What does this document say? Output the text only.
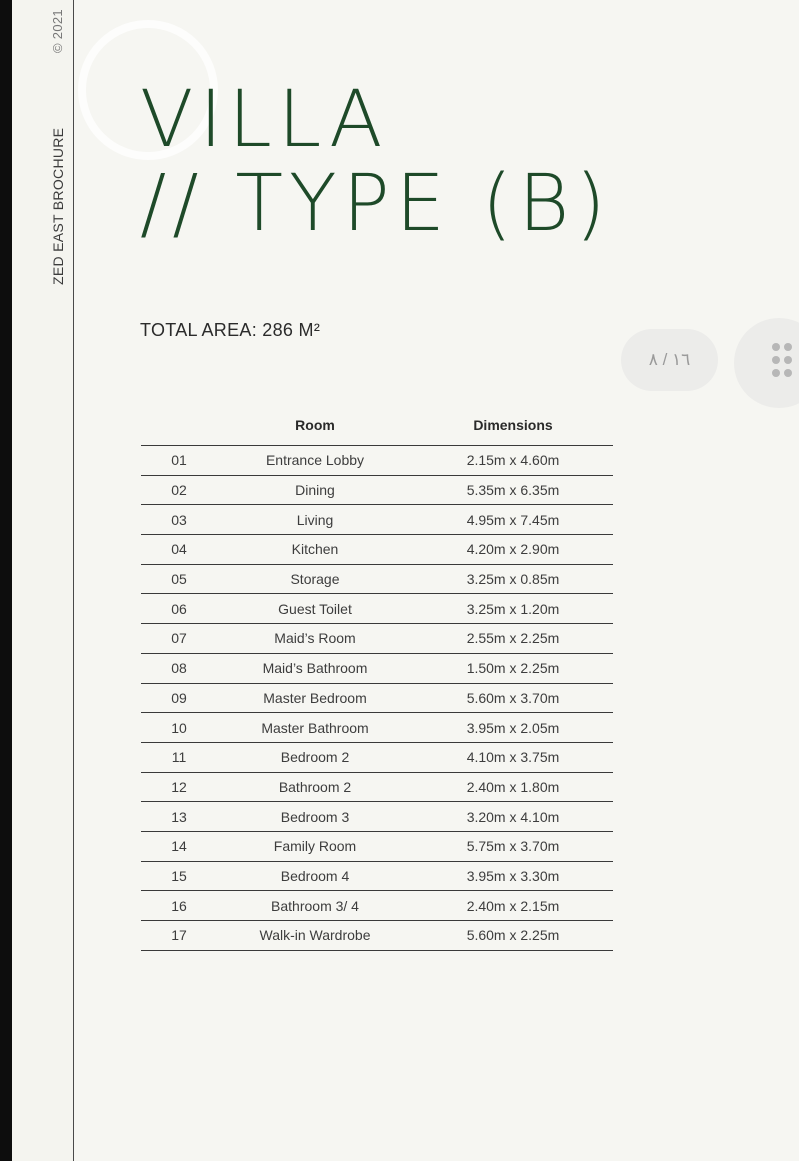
ZED EAST BROCHURE
© 2021
VILLA
// TYPE (B)
TOTAL AREA: 286 M²
١٦ / ٨
	Room	Dimensions
01	Entrance Lobby	2.15m x 4.60m
02	Dining	5.35m x 6.35m
03	Living	4.95m x 7.45m
04	Kitchen	4.20m x 2.90m
05	Storage	3.25m x 0.85m
06	Guest Toilet	3.25m x 1.20m
07	Maid’s Room	2.55m x 2.25m
08	Maid’s Bathroom	1.50m x 2.25m
09	Master Bedroom	5.60m x 3.70m
10	Master Bathroom	3.95m x 2.05m
11	Bedroom 2	4.10m x 3.75m
12	Bathroom 2	2.40m x 1.80m
13	Bedroom 3	3.20m x 4.10m
14	Family Room	5.75m x 3.70m
15	Bedroom 4	3.95m x 3.30m
16	Bathroom 3/ 4	2.40m x 2.15m
17	Walk-in Wardrobe	5.60m x 2.25m
